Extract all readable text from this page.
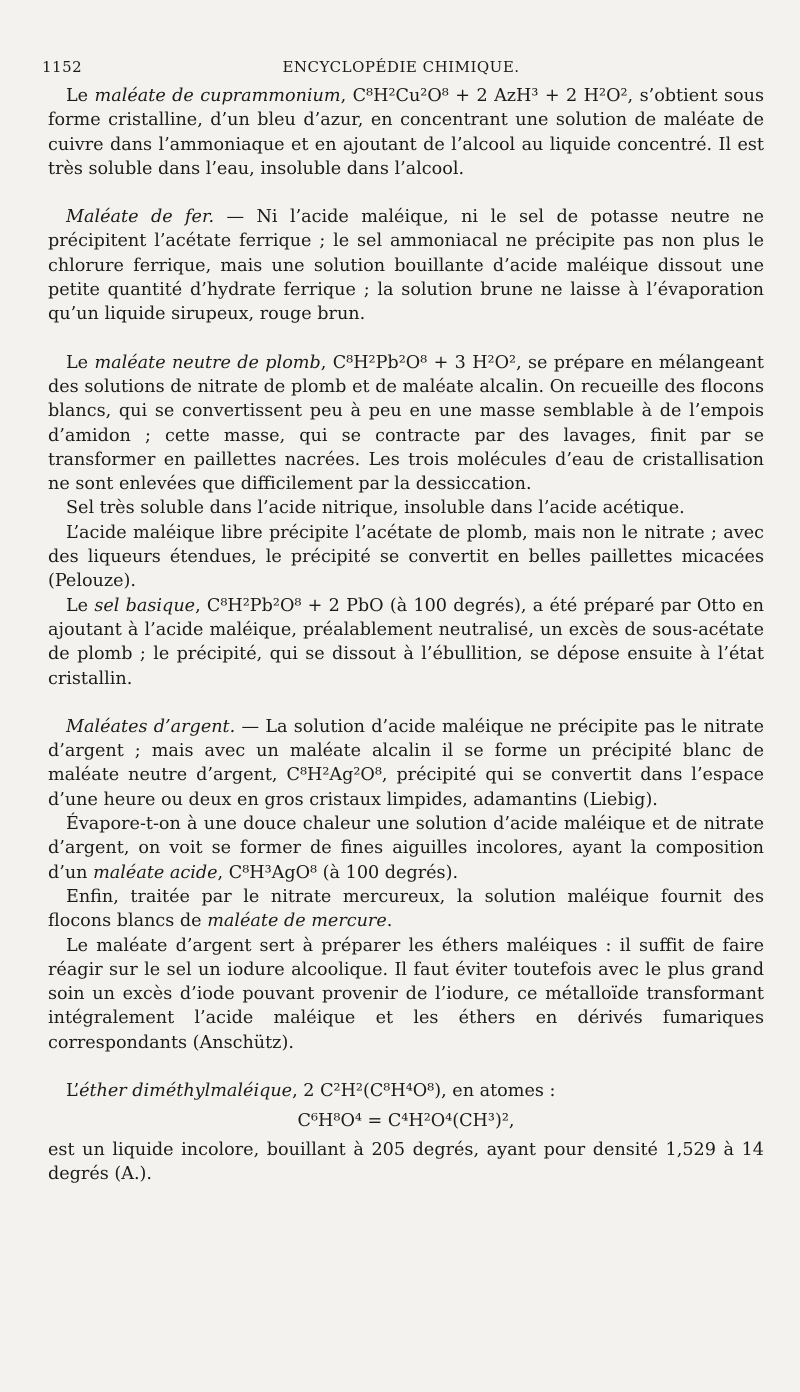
1152	ENCYCLOPÉDIE CHIMIQUE.

Le maléate de cuprammonium, C⁸H²Cu²O⁸ + 2 AzH³ + 2 H²O², s’obtient sous forme cristalline, d’un bleu d’azur, en concentrant une solution de maléate de cuivre dans l’ammoniaque et en ajoutant de l’alcool au liquide concentré. Il est très soluble dans l’eau, insoluble dans l’alcool.

Maléate de fer. — Ni l’acide maléique, ni le sel de potasse neutre ne précipitent l’acétate ferrique ; le sel ammoniacal ne précipite pas non plus le chlorure ferrique, mais une solution bouillante d’acide maléique dissout une petite quantité d’hydrate ferrique ; la solution brune ne laisse à l’évaporation qu’un liquide sirupeux, rouge brun.

Le maléate neutre de plomb, C⁸H²Pb²O⁸ + 3 H²O², se prépare en mélangeant des solutions de nitrate de plomb et de maléate alcalin. On recueille des flocons blancs, qui se convertissent peu à peu en une masse semblable à de l’empois d’amidon ; cette masse, qui se contracte par des lavages, finit par se transformer en paillettes nacrées. Les trois molécules d’eau de cristallisation ne sont enlevées que difficilement par la dessiccation.

Sel très soluble dans l’acide nitrique, insoluble dans l’acide acétique.

L’acide maléique libre précipite l’acétate de plomb, mais non le nitrate ; avec des liqueurs étendues, le précipité se convertit en belles paillettes micacées (Pelouze).

Le sel basique, C⁸H²Pb²O⁸ + 2 PbO (à 100 degrés), a été préparé par Otto en ajoutant à l’acide maléique, préalablement neutralisé, un excès de sous-acétate de plomb ; le précipité, qui se dissout à l’ébullition, se dépose ensuite à l’état cristallin.

Maléates d’argent. — La solution d’acide maléique ne précipite pas le nitrate d’argent ; mais avec un maléate alcalin il se forme un précipité blanc de maléate neutre d’argent, C⁸H²Ag²O⁸, précipité qui se convertit dans l’espace d’une heure ou deux en gros cristaux limpides, adamantins (Liebig).

Évapore-t-on à une douce chaleur une solution d’acide maléique et de nitrate d’argent, on voit se former de fines aiguilles incolores, ayant la composition d’un maléate acide, C⁸H³AgO⁸ (à 100 degrés).

Enfin, traitée par le nitrate mercureux, la solution maléique fournit des flocons blancs de maléate de mercure.

Le maléate d’argent sert à préparer les éthers maléiques : il suffit de faire réagir sur le sel un iodure alcoolique. Il faut éviter toutefois avec le plus grand soin un excès d’iode pouvant provenir de l’iodure, ce métalloïde transformant intégralement l’acide maléique et les éthers en dérivés fumariques correspondants (Anschütz).

L’éther diméthylmaléique, 2 C²H²(C⁸H⁴O⁸), en atomes :

C⁶H⁸O⁴ = C⁴H²O⁴(CH³)²,

est un liquide incolore, bouillant à 205 degrés, ayant pour densité 1,529 à 14 degrés (A.).
